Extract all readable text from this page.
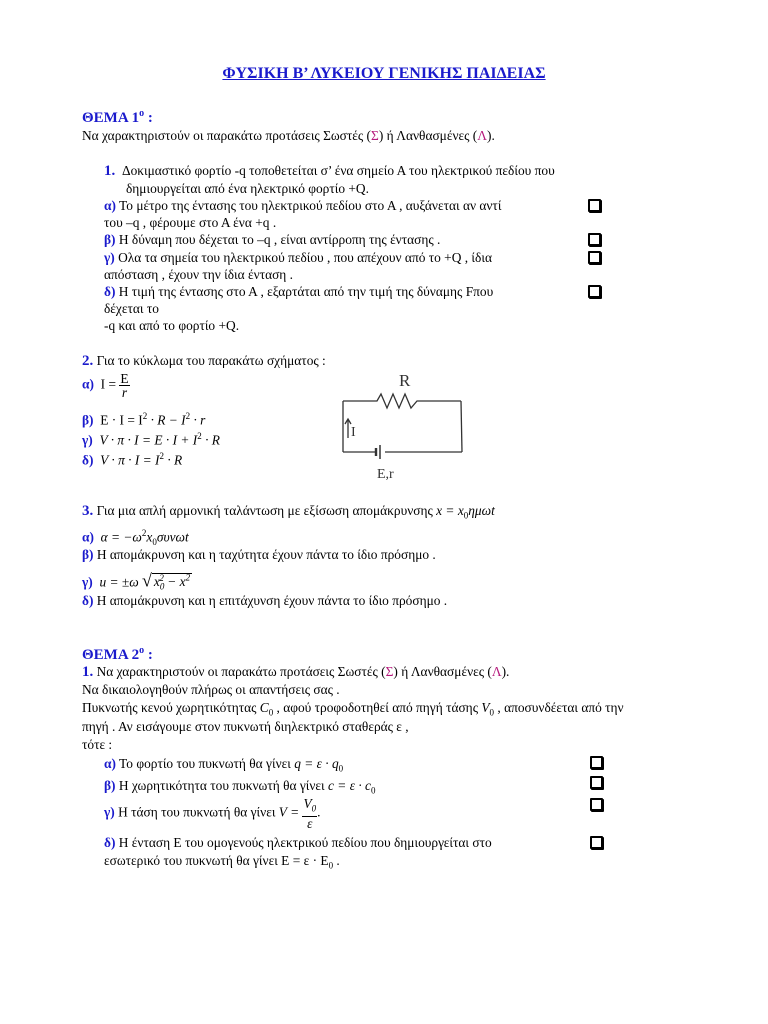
ΦΥΣΙΚΗ Β’ ΛΥΚΕΙΟΥ ΓΕΝΙΚΗΣ ΠΑΙΔΕΙΑΣ
ΘΕΜΑ $1^o$ :
Να χαρακτηριστούν οι παρακάτω προτάσεις Σωστές (Σ) ή Λανθασμένες (Λ).
1. Δοκιμαστικό φορτίο -q τοποθετείται σ’ ένα σημείο Α του ηλεκτρικού πεδίου που
δημιουργείται από ένα ηλεκτρικό φορτίο +Q.
α) Το μέτρο της έντασης του ηλεκτρικού πεδίου στο Α , αυξάνεται αν αντί
του –q , φέρουμε στο Α ένα +q .
β) Η δύναμη που δέχεται το –q , είναι αντίρροπη της έντασης .
γ) Ολα τα σημεία του ηλεκτρικού πεδίου , που απέχουν από το +Q , ίδια
απόσταση , έχουν την ίδια ένταση .
δ) Η τιμή της έντασης στο Α , εξαρτάται από την τιμή της δύναμης Fπου
δέχεται το
-q και από το φορτίο +Q.
2. Για το κύκλωμα του παρακάτω σχήματος :
α) $I = \frac{E}{r}$
β) $E \cdot I = I^2 \cdot R - I^2 \cdot r$
γ) $V \cdot \pi \cdot I = E \cdot I + I^2 \cdot R$
δ) $V \cdot \pi \cdot I = I^2 \cdot R$
R
I
E,r
3. Για μια απλή αρμονική ταλάντωση με εξίσωση απομάκρυνσης $x = x_0\eta\mu\omega t$
α) $\alpha = -\omega^2x_0\sigma\upsilon\nu\omega t$
β) Η απομάκρυνση και η ταχύτητα έχουν πάντα το ίδιο πρόσημο .
γ) u = ±ω √ $x_0^2 - x^2$
δ) Η απομάκρυνση και η επιτάχυνση έχουν πάντα το ίδιο πρόσημο .
ΘΕΜΑ $2^o$ :
1. Να χαρακτηριστούν οι παρακάτω προτάσεις Σωστές (Σ) ή Λανθασμένες (Λ).
Να δικαιολογηθούν πλήρως οι απαντήσεις σας .
Πυκνωτής κενού χωρητικότητας $C_0$ , αφού τροφοδοτηθεί από πηγή τάσης $V_0$ , αποσυνδέεται από την
πηγή . Αν εισάγουμε στον πυκνωτή διηλεκτρικό σταθεράς ε ,
τότε :
α) Το φορτίο του πυκνωτή θα γίνει $q = \varepsilon \cdot q_0$
β) Η χωρητικότητα του πυκνωτή θα γίνει $c = \varepsilon \cdot c_0$
γ) Η τάση του πυκνωτή θα γίνει $V = \frac{V_0}{\varepsilon}$ .
δ) Η ένταση Ε του ομογενούς ηλεκτρικού πεδίου που δημιουργείται στο
εσωτερικό του πυκνωτή θα γίνει $E = \varepsilon \cdot E_0$ .
